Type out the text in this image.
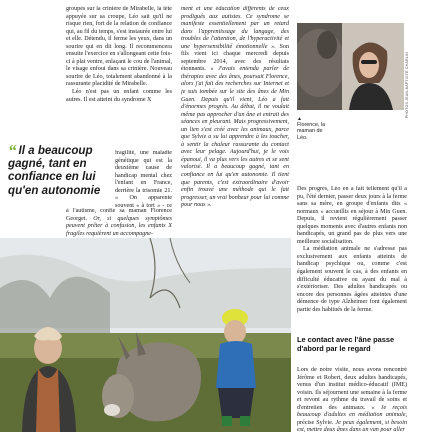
groupés sur la crinière de Mirabelle, la tête appuyée sur sa croupe, Léo sait qu'il ne risque rien, fort de la relation de confiance qui, au fil du temps, s'est instaurée entre lui et elle. Détendu, il ferme les yeux, dans un sourire qui en dit long. Il recommencera ensuite l'exercice en s'allongeant cette fois-ci à plat ventre, enlaçant le cou de l'animal, le visage enfoui dans sa crinière. Nouveau sourire de Léo, totalement abandonné à la rassurante placidité de Mirabelle.

Léo n'est pas un enfant comme les autres. Il est atteint du syndrome X

fragilité, une maladie génétique qui est la deuxième cause de handicap mental chez l'enfant en France, derrière la trisomie 21. « On apparente souvent « à tort » - ce

à l'autisme, confie sa maman Florence Georget. Or, si quelques symptômes peuvent prêter à confusion, les enfants X fragiles requièrent un accompagne-

“ Il a beaucoup gagné, tant en confiance en lui qu'en autonomie

ment et une éducation différents de ceux prodigués aux autistes. Ce syndrome se manifeste essentiellement par un retard dans l'apprentissage du langage, des troubles de l'attention, de l'hyperactivité et une hypersensibilité émotionnelle ». Son fils vient ici chaque mercredi depuis septembre 2014, avec des résultats étonnants. « J'avais entendu parler de thérapies avec des ânes, poursuit Florence, alors j'ai fait des recherches sur Internet et je suis tombée sur le site des ânes de Min Guen. Depuis qu'il vient, Léo a fait d'énormes progrès. Au début, il ne voulait même pas approcher d'un âne et entrait des séances en pleurant. Mais progressivement, un lien s'est créé avec les animaux, parce que Sylvie a su lui apprendre à les toucher, à sentir la chaleur rassurante du contact avec leur pelage. Aujourd'hui, je le vois épanoui, il va plus vers les autres et se sent valorisé. Il a beaucoup gagné, tant en confiance en lui qu'en autonomie. Il tient que parents, c'est extraordinaire d'avoir enfin trouvé une méthode qui le fait progresser, un vrai bonheur pour lui comme pour nous ».

PHOTOS JEAN-BAPTISTE CHARLIN
▲
Florence, la maman de Léo.

Des progrès, Léo en a fait tellement qu'il a pu, l'été dernier, passer deux jours à la ferme sans sa mère, en groupe d'enfants dits « normaux » accueillis en séjour à Min Guen. Depuis, il revient régulièrement passer quelques moments avec d'autres enfants non handicapés, un grand pas de plus vers une meilleure socialisation.

La médiation animale ne s'adresse pas exclusivement aux enfants atteints de handicap psychique ou, comme c'est également souvent le cas, à des enfants en difficulté éducative ou ayant du mal à s'extérioriser. Des adultes handicapés ou encore des personnes âgées atteintes d'une démence de type Alzheimer font également partie des habitués de la ferme.

Le contact avec l'âne passe d'abord par le regard

Lors de notre visite, nous avons rencontré Jérôme et Robert, deux adultes handicapés, venus d'un institut médico-éducatif (IME) voisin. Ils séjournent une semaine à la ferme et revont au rythme du travail de soins et d'entretien des animaux. « Je reçois beaucoup d'adultes en médiation animale, précise Sylvie. Je peux également, si besoin est, mettre deux ânes dans un van pour aller
